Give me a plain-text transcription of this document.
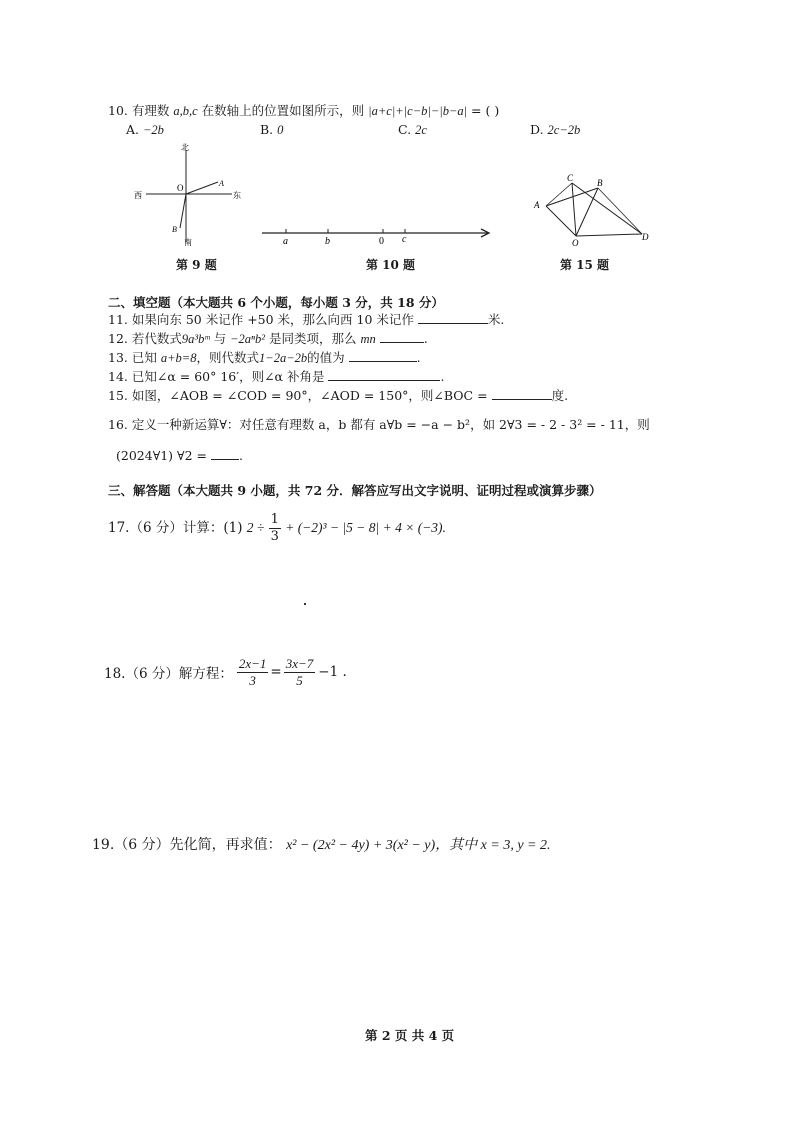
10. 有理数 a,b,c 在数轴上的位置如图所示，则 |a+c|+|c−b|−|b−a| = ( )
A. −2b	B. 0	C. 2c	D. 2c−2b
北
南
西	东
O	A
B
第 9 题
a	b	0 c
第 10 题
C	B
A
O
D
第 15 题
二、填空题（本大题共 6 个小题，每小题 3 分，共 18 分）
11. 如果向东 50 米记作 +50 米，那么向西 10 米记作	米.
12. 若代数式9a³bᵐ 与 −2aⁿb² 是同类项，那么 mn	.
13. 已知 a+b=8，则代数式1−2a−2b的值为	.
14. 已知∠α = 60° 16′，则∠α 补角是	.
15. 如图，∠AOB = ∠COD = 90°，∠AOD = 150°，则∠BOC =	度.
16. 定义一种新运算∀：对任意有理数 a，b 都有 a∀b = −a − b²，如 2∀3 = - 2 - 3² = - 11，则
(2024∀1) ∀2 =	.
三、解答题（本大题共 9 小题，共 72 分．解答应写出文字说明、证明过程或演算步骤）
17.（6 分）计算：(1) $2 \div \frac{1}{3} + (-2)^3 - |5 - 8| + 4 \times (-3)$.
18.（6 分）解方程： $\frac{2x-1}{3} = \frac{3x-7}{5} -1$ .
19.（6 分）先化简，再求值： x² − (2x² − 4y) + 3(x² − y)，其中 x = 3, y = 2.
第 2 页 共 4 页
